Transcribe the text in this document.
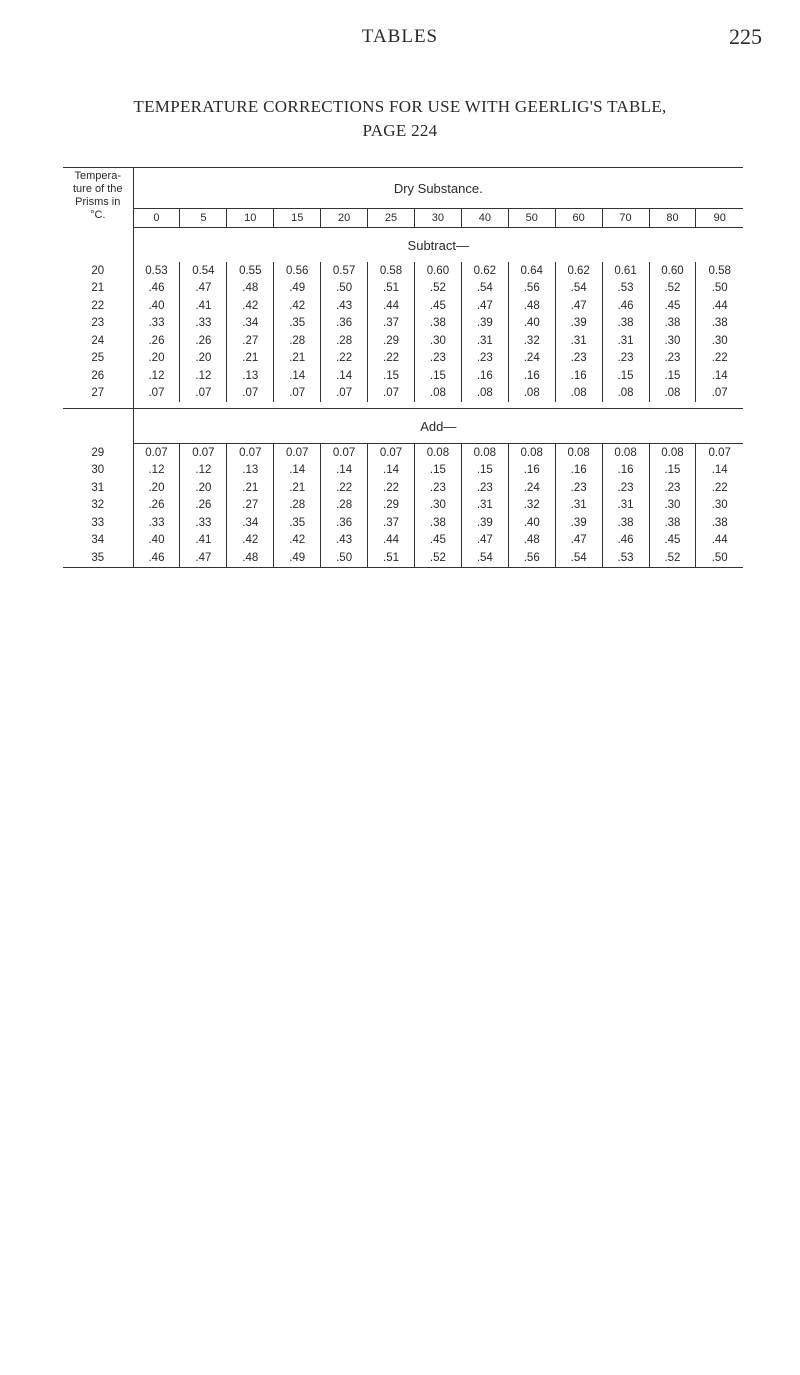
TABLES	225
TEMPERATURE CORRECTIONS FOR USE WITH GEERLIG'S TABLE,
PAGE 224
Tempera-
ture of the
Prisms in
°C.	Dry Substance.												
	0	5	10	15	20	25	30	40	50	60	70	80	90
	Subtract—												
20	0.53	0.54	0.55	0.56	0.57	0.58	0.60	0.62	0.64	0.62	0.61	0.60	0.58
21	.46	.47	.48	.49	.50	.51	.52	.54	.56	.54	.53	.52	.50
22	.40	.41	.42	.42	.43	.44	.45	.47	.48	.47	.46	.45	.44
23	.33	.33	.34	.35	.36	.37	.38	.39	.40	.39	.38	.38	.38
24	.26	.26	.27	.28	.28	.29	.30	.31	.32	.31	.31	.30	.30
25	.20	.20	.21	.21	.22	.22	.23	.23	.24	.23	.23	.23	.22
26	.12	.12	.13	.14	.14	.15	.15	.16	.16	.16	.15	.15	.14
27	.07	.07	.07	.07	.07	.07	.08	.08	.08	.08	.08	.08	.07

	Add—												
29	0.07	0.07	0.07	0.07	0.07	0.07	0.08	0.08	0.08	0.08	0.08	0.08	0.07
30	.12	.12	.13	.14	.14	.14	.15	.15	.16	.16	.16	.15	.14
31	.20	.20	.21	.21	.22	.22	.23	.23	.24	.23	.23	.23	.22
32	.26	.26	.27	.28	.28	.29	.30	.31	.32	.31	.31	.30	.30
33	.33	.33	.34	.35	.36	.37	.38	.39	.40	.39	.38	.38	.38
34	.40	.41	.42	.42	.43	.44	.45	.47	.48	.47	.46	.45	.44
35	.46	.47	.48	.49	.50	.51	.52	.54	.56	.54	.53	.52	.50
